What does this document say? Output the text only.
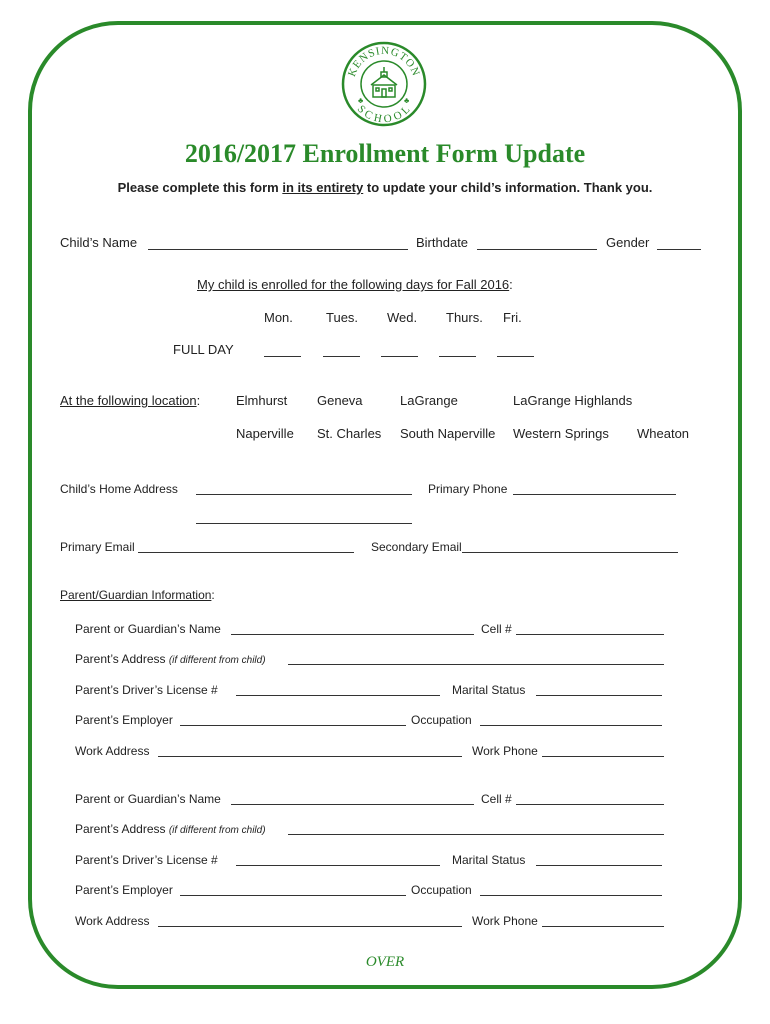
KENSINGTON
SCHOOL
♣	♣
2016/2017 Enrollment Form Update
Please complete this form in its entirety to update your child’s information. Thank you.
Child’s Name	Birthdate	Gender
My child is enrolled for the following days for Fall 2016:
Mon.	Tues. Wed. Thurs. Fri.
FULL DAY
At the following location:	Elmhurst Geneva	LaGrange	LaGrange Highlands
Naperville St. Charles South Naperville Western Springs Wheaton
Child’s Home Address	Primary Phone
Primary Email	Secondary Email
Parent/Guardian Information:
Parent or Guardian’s Name	Cell #
Parent’s Address (if different from child)
Parent’s Driver’s License #	Marital Status
Parent’s Employer	Occupation
Work Address	Work Phone
Parent or Guardian’s Name	Cell #
Parent’s Address (if different from child)
Parent’s Driver’s License #	Marital Status
Parent’s Employer	Occupation
Work Address	Work Phone
OVER
